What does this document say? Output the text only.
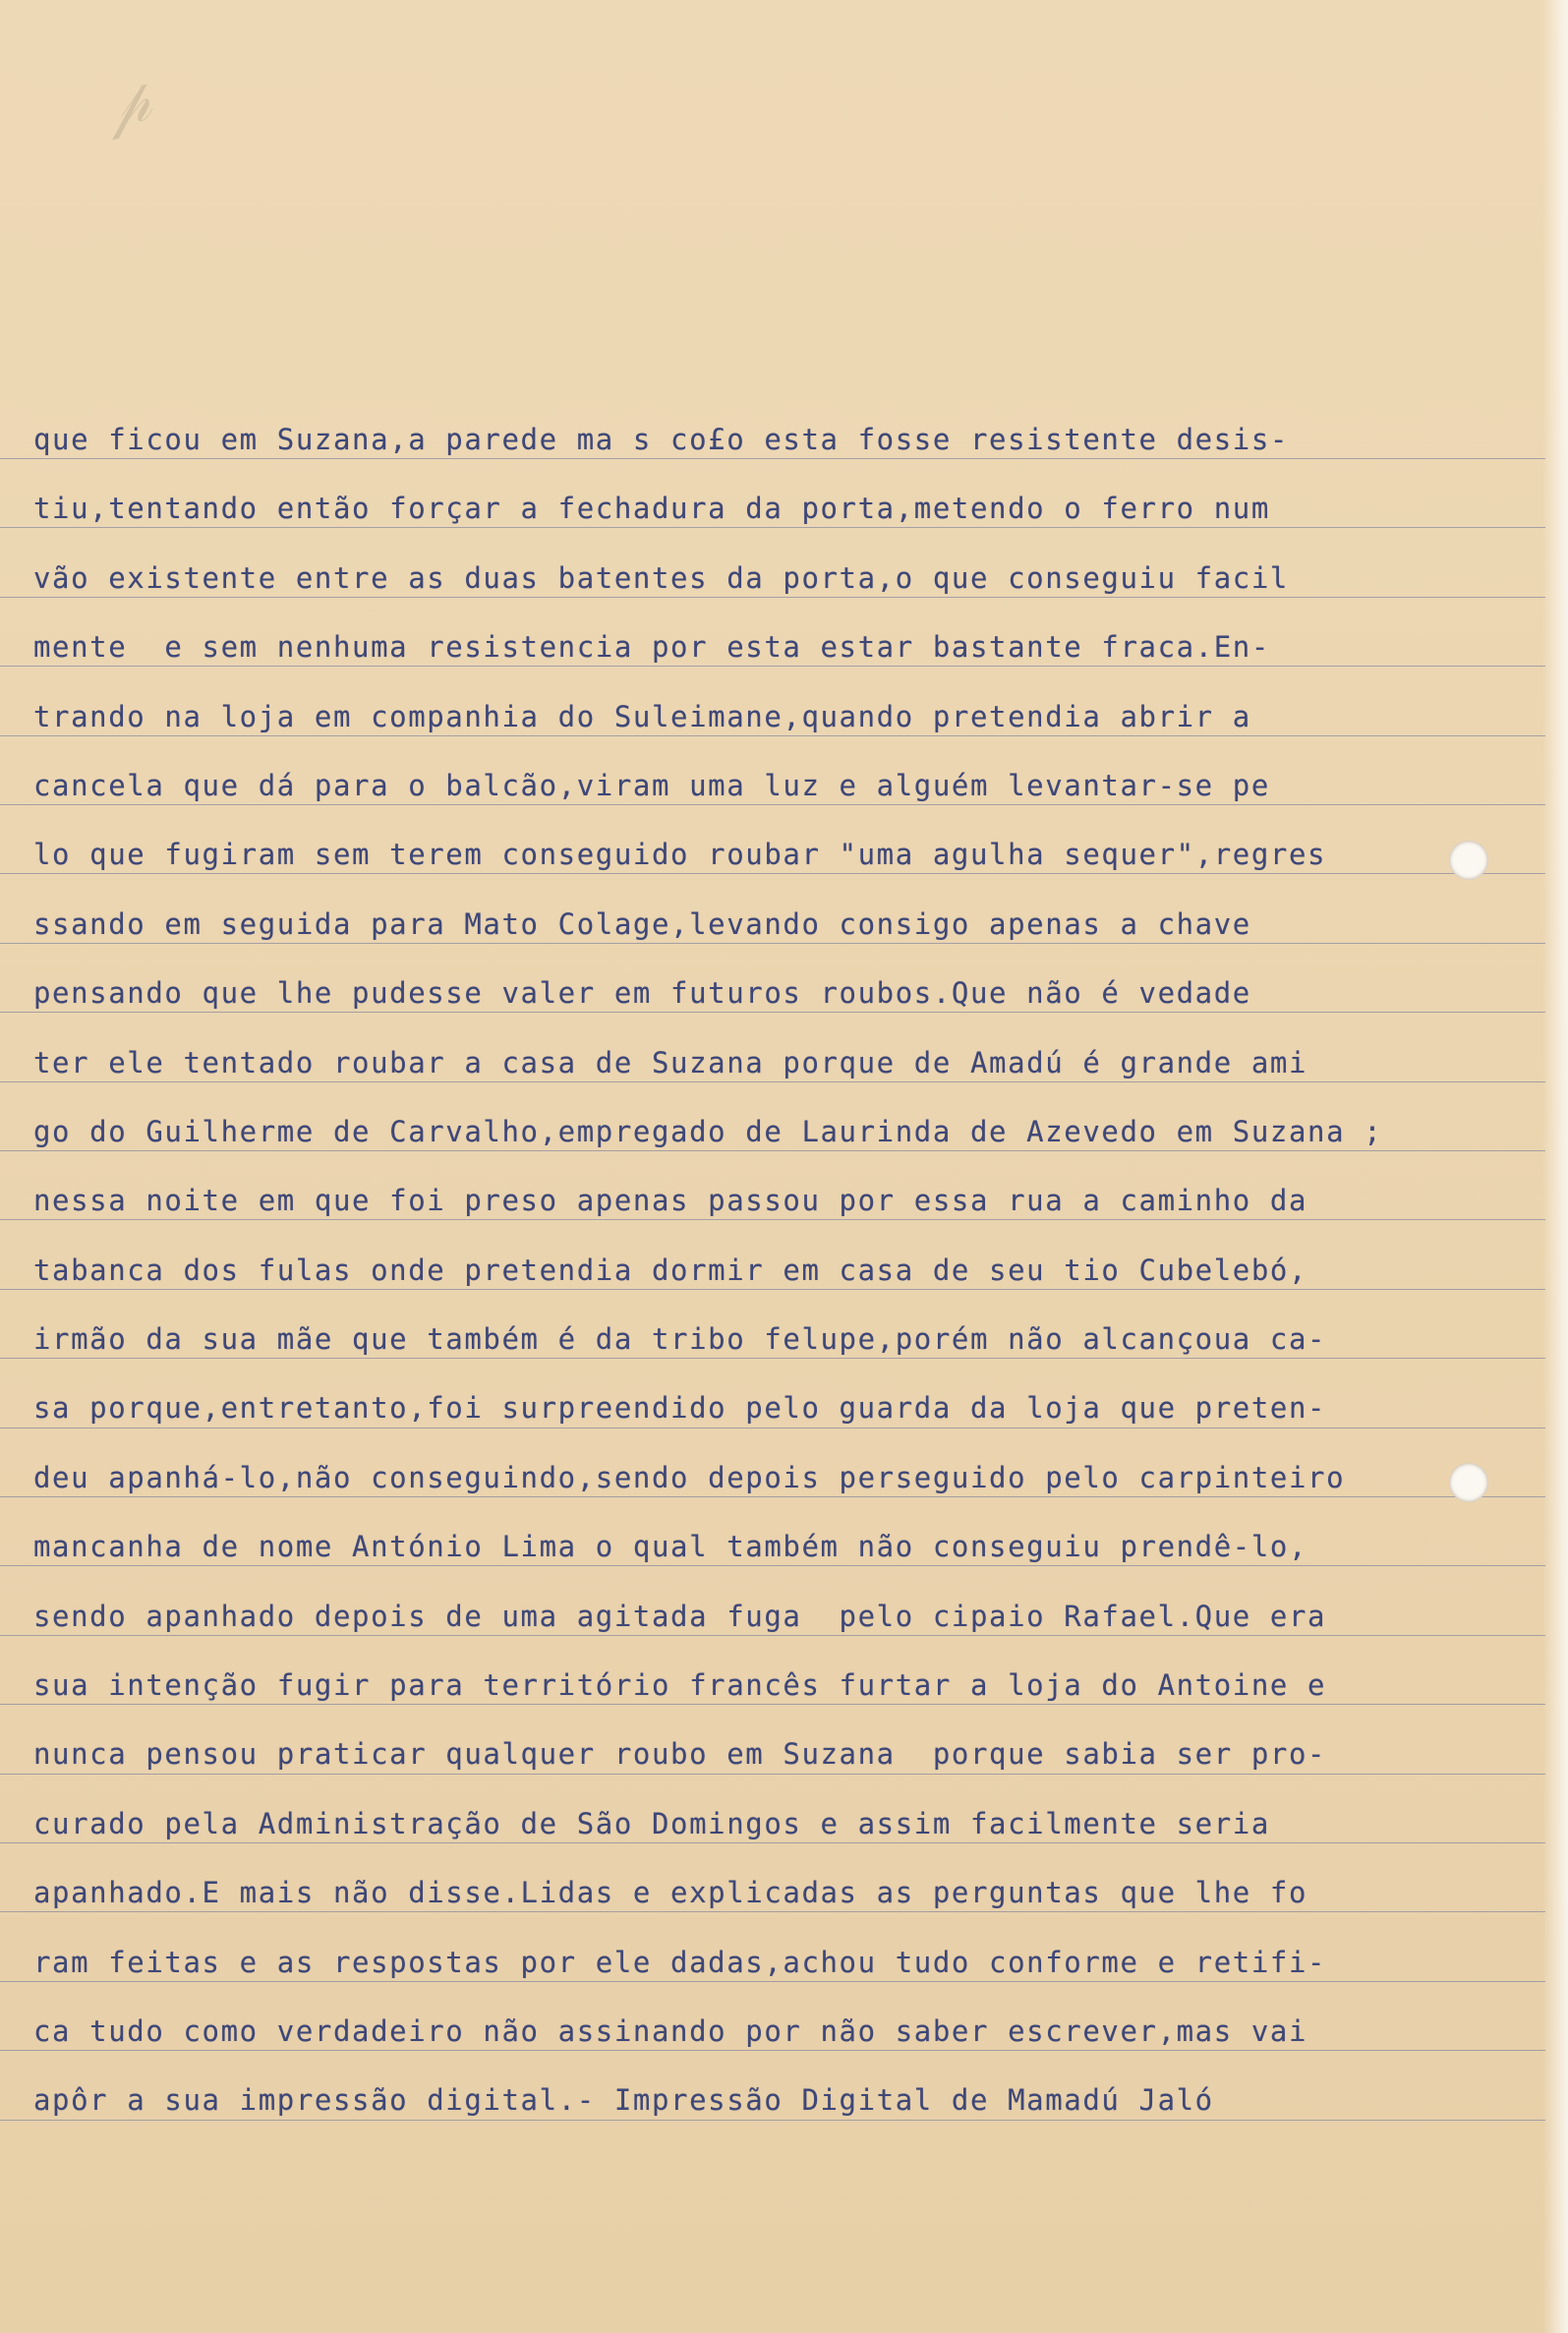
𝓅
que ficou em Suzana,a parede ma s co£o esta fosse resistente desis-
tiu,tentando então forçar a fechadura da porta,metendo o ferro num
vão existente entre as duas batentes da porta,o que conseguiu facil
mente  e sem nenhuma resistencia por esta estar bastante fraca.En-
trando na loja em companhia do Suleimane,quando pretendia abrir a
cancela que dá para o balcão,viram uma luz e alguém levantar-se pe
lo que fugiram sem terem conseguido roubar "uma agulha sequer",regres
ssando em seguida para Mato Colage,levando consigo apenas a chave
pensando que lhe pudesse valer em futuros roubos.Que não é vedade
ter ele tentado roubar a casa de Suzana porque de Amadú é grande ami
go do Guilherme de Carvalho,empregado de Laurinda de Azevedo em Suzana ;
nessa noite em que foi preso apenas passou por essa rua a caminho da
tabanca dos fulas onde pretendia dormir em casa de seu tio Cubelebó,
irmão da sua mãe que também é da tribo felupe,porém não alcançoua ca-
sa porque,entretanto,foi surpreendido pelo guarda da loja que preten-
deu apanhá-lo,não conseguindo,sendo depois perseguido pelo carpinteiro
mancanha de nome António Lima o qual também não conseguiu prendê-lo,
sendo apanhado depois de uma agitada fuga  pelo cipaio Rafael.Que era
sua intenção fugir para território francês furtar a loja do Antoine e
nunca pensou praticar qualquer roubo em Suzana  porque sabia ser pro-
curado pela Administração de São Domingos e assim facilmente seria
apanhado.E mais não disse.Lidas e explicadas as perguntas que lhe fo
ram feitas e as respostas por ele dadas,achou tudo conforme e retifi-
ca tudo como verdadeiro não assinando por não saber escrever,mas vai
apôr a sua impressão digital.- Impressão Digital de Mamadú Jaló
